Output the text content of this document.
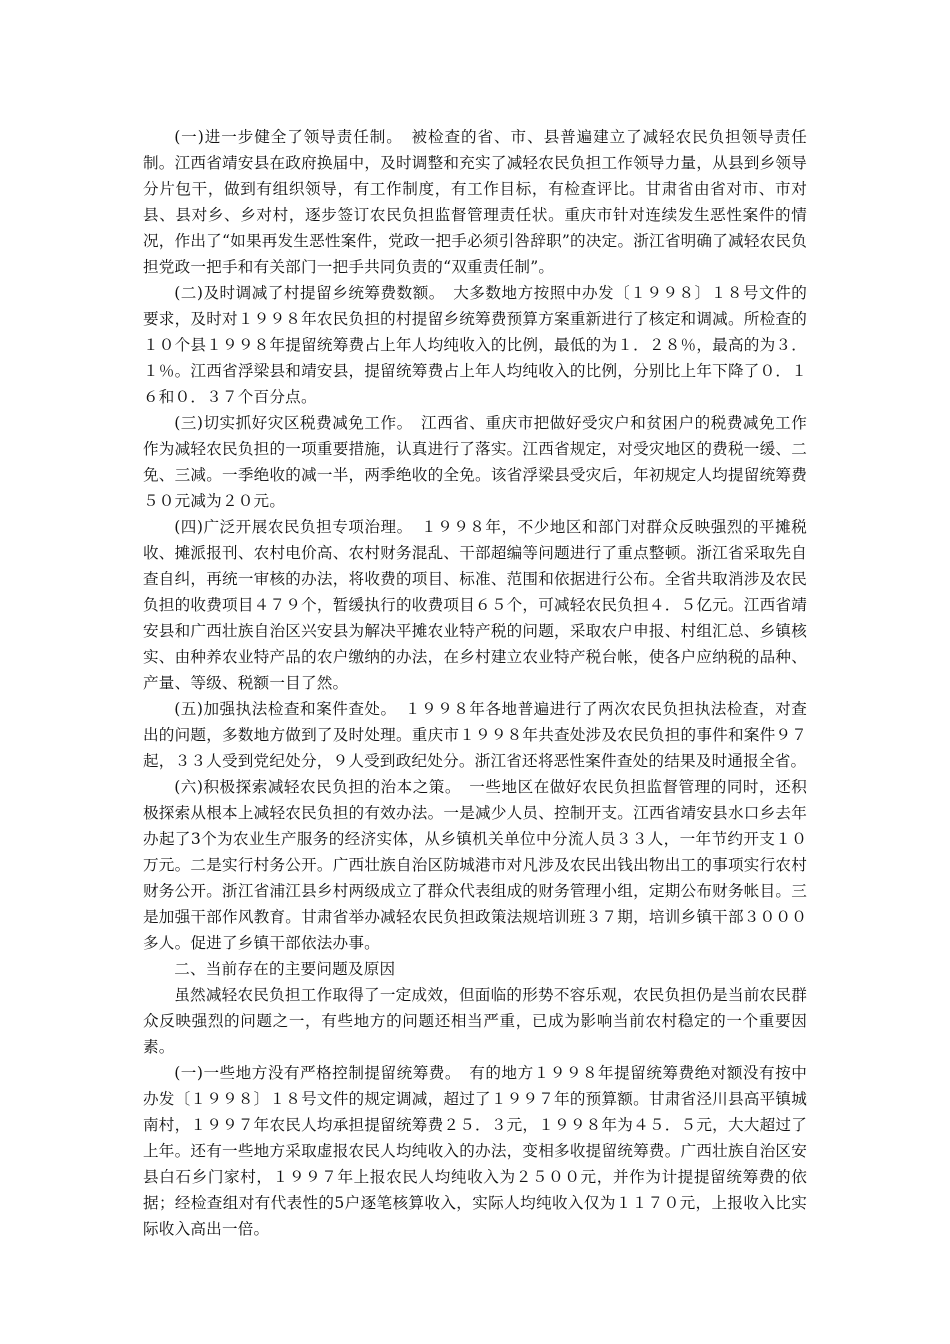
(一)进一步健全了领导责任制。　被检查的省、市、县普遍建立了减轻农民负担领导责任制。江西省靖安县在政府换届中，及时调整和充实了减轻农民负担工作领导力量，从县到乡领导分片包干，做到有组织领导，有工作制度，有工作目标，有检查评比。甘肃省由省对市、市对县、县对乡、乡对村，逐步签订农民负担监督管理责任状。重庆市针对连续发生恶性案件的情况，作出了“如果再发生恶性案件，党政一把手必须引咎辞职”的决定。浙江省明确了减轻农民负担党政一把手和有关部门一把手共同负责的“双重责任制”。

(二)及时调减了村提留乡统筹费数额。　大多数地方按照中办发〔１９９８〕１８号文件的要求，及时对１９９８年农民负担的村提留乡统筹费预算方案重新进行了核定和调减。所检查的１０个县１９９８年提留统筹费占上年人均纯收入的比例，最低的为１．２８％，最高的为３．１％。江西省浮梁县和靖安县，提留统筹费占上年人均纯收入的比例，分别比上年下降了０．１６和０．３７个百分点。

(三)切实抓好灾区税费减免工作。　江西省、重庆市把做好受灾户和贫困户的税费减免工作作为减轻农民负担的一项重要措施，认真进行了落实。江西省规定，对受灾地区的费税一缓、二免、三减。一季绝收的减一半，两季绝收的全免。该省浮梁县受灾后，年初规定人均提留统筹费５０元减为２０元。

(四)广泛开展农民负担专项治理。　１９９８年，不少地区和部门对群众反映强烈的平摊税收、摊派报刊、农村电价高、农村财务混乱、干部超编等问题进行了重点整顿。浙江省采取先自查自纠，再统一审核的办法，将收费的项目、标准、范围和依据进行公布。全省共取消涉及农民负担的收费项目４７９个，暂缓执行的收费项目６５个，可减轻农民负担４．５亿元。江西省靖安县和广西壮族自治区兴安县为解决平摊农业特产税的问题，采取农户申报、村组汇总、乡镇核实、由种养农业特产品的农户缴纳的办法，在乡村建立农业特产税台帐，使各户应纳税的品种、产量、等级、税额一目了然。

(五)加强执法检查和案件查处。　１９９８年各地普遍进行了两次农民负担执法检查，对查出的问题，多数地方做到了及时处理。重庆市１９９８年共查处涉及农民负担的事件和案件９７起，３３人受到党纪处分，９人受到政纪处分。浙江省还将恶性案件查处的结果及时通报全省。

(六)积极探索减轻农民负担的治本之策。　一些地区在做好农民负担监督管理的同时，还积极探索从根本上减轻农民负担的有效办法。一是减少人员、控制开支。江西省靖安县水口乡去年办起了3个为农业生产服务的经济实体，从乡镇机关单位中分流人员３３人，一年节约开支１０万元。二是实行村务公开。广西壮族自治区防城港市对凡涉及农民出钱出物出工的事项实行农村财务公开。浙江省浦江县乡村两级成立了群众代表组成的财务管理小组，定期公布财务帐目。三是加强干部作风教育。甘肃省举办减轻农民负担政策法规培训班３７期，培训乡镇干部３０００多人。促进了乡镇干部依法办事。

二、当前存在的主要问题及原因

虽然减轻农民负担工作取得了一定成效，但面临的形势不容乐观，农民负担仍是当前农民群众反映强烈的问题之一，有些地方的问题还相当严重，已成为影响当前农村稳定的一个重要因素。

(一)一些地方没有严格控制提留统筹费。　有的地方１９９８年提留统筹费绝对额没有按中办发〔１９９８〕１８号文件的规定调减，超过了１９９７年的预算额。甘肃省泾川县高平镇城南村，１９９７年农民人均承担提留统筹费２５．３元，１９９８年为４５．５元，大大超过了上年。还有一些地方采取虚报农民人均纯收入的办法，变相多收提留统筹费。广西壮族自治区安县白石乡门家村，１９９７年上报农民人均纯收入为２５００元，并作为计提提留统筹费的依据；经检查组对有代表性的5户逐笔核算收入，实际人均纯收入仅为１１７０元，上报收入比实际收入高出一倍。
